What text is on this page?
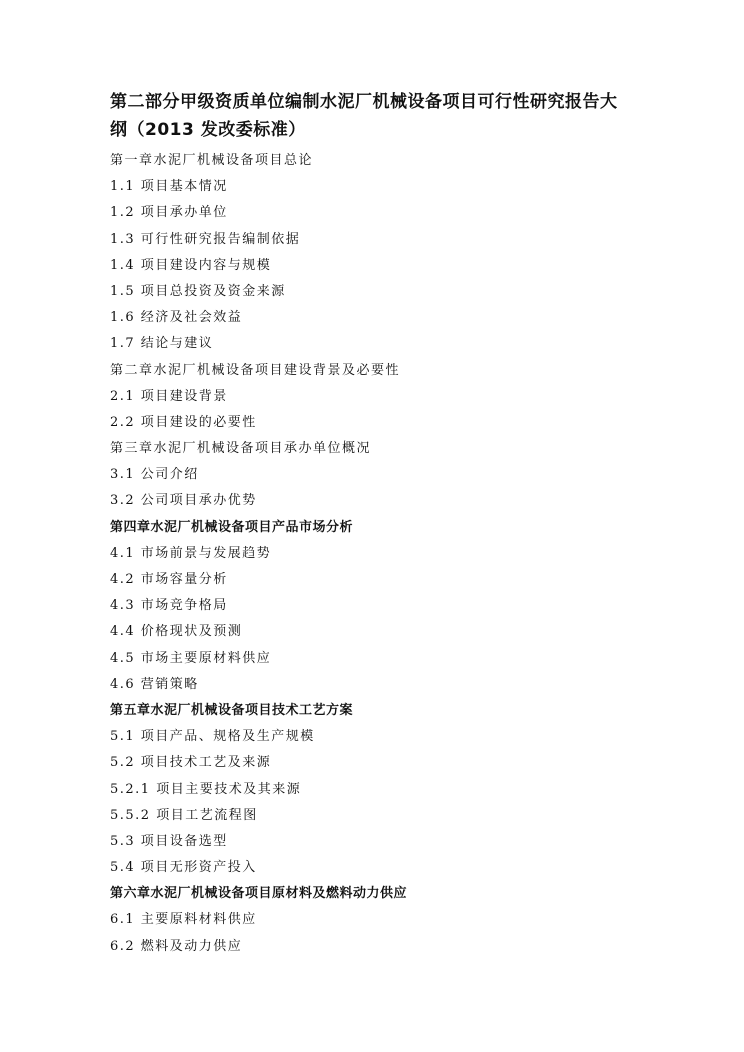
第二部分甲级资质单位编制水泥厂机械设备项目可行性研究报告大
纲（2013 发改委标准）
第一章水泥厂机械设备项目总论
1.1 项目基本情况
1.2 项目承办单位
1.3 可行性研究报告编制依据
1.4 项目建设内容与规模
1.5 项目总投资及资金来源
1.6 经济及社会效益
1.7 结论与建议
第二章水泥厂机械设备项目建设背景及必要性
2.1 项目建设背景
2.2 项目建设的必要性
第三章水泥厂机械设备项目承办单位概况
3.1 公司介绍
3.2 公司项目承办优势
第四章水泥厂机械设备项目产品市场分析
4.1 市场前景与发展趋势
4.2 市场容量分析
4.3 市场竞争格局
4.4 价格现状及预测
4.5 市场主要原材料供应
4.6 营销策略
第五章水泥厂机械设备项目技术工艺方案
5.1 项目产品、规格及生产规模
5.2 项目技术工艺及来源
5.2.1 项目主要技术及其来源
5.5.2 项目工艺流程图
5.3 项目设备选型
5.4 项目无形资产投入
第六章水泥厂机械设备项目原材料及燃料动力供应
6.1 主要原料材料供应
6.2 燃料及动力供应
